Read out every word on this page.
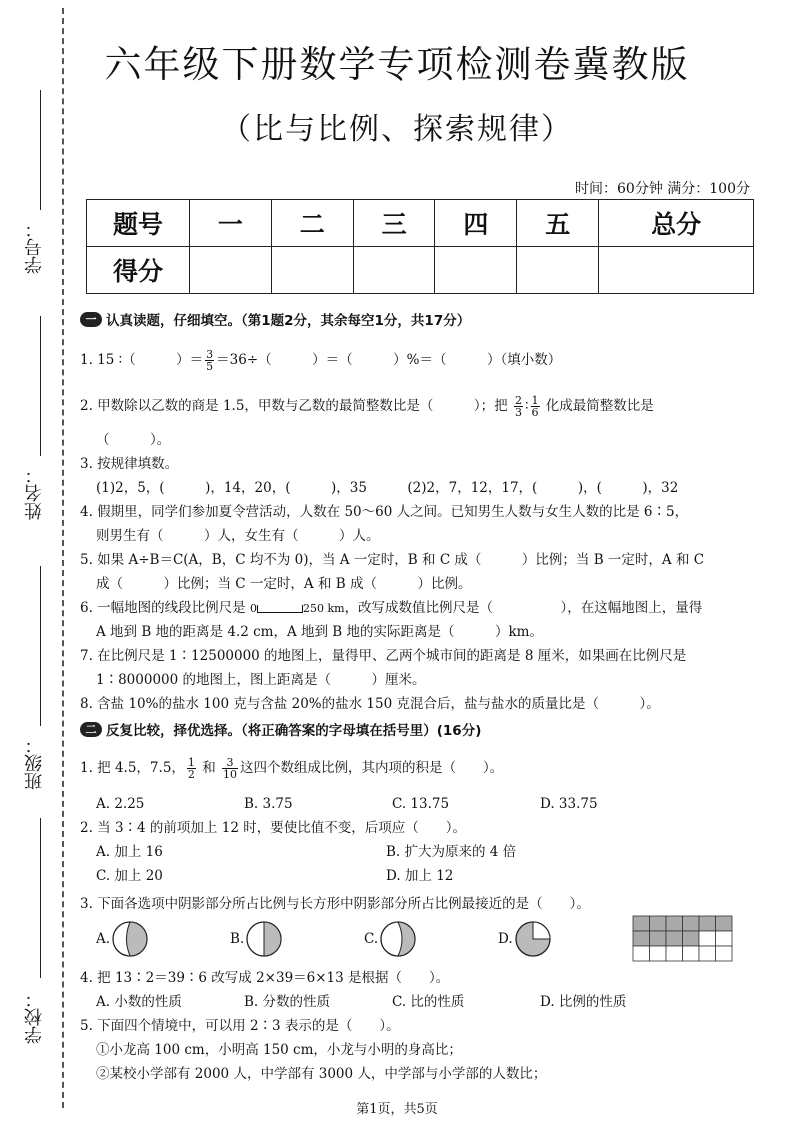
学号：
姓名：
班级：
学校：
六年级下册数学专项检测卷冀教版
（比与比例、探索规律）
时间：60分钟 满分：100分
题号	一	二	三	四	五	总分
得分						
一 认真读题，仔细填空。（第1题2分，其余每空1分，共17分）
1. 15 ∶（　　　）＝ $\frac{3}{5} =36\div$（　　　）＝（　　　）%＝（　　　）（填小数）
2. 甲数除以乙数的商是 1.5，甲数与乙数的最简整数比是（　　　）；把 $\frac{2}{3}$ ∶ $\frac{1}{6}$ 化成最简整数比是
（　　　）。
3. 按规律填数。
(1)2，5，(　　　)，14，20，(　　　)，35　　　(2)2，7，12，17，(　　　)，(　　　)，32
4. 假期里，同学们参加夏令营活动，人数在 50～60 人之间。已知男生人数与女生人数的比是 6∶5，
则男生有（　　　）人，女生有（　　　）人。
5. 如果 A÷B＝C(A，B，C 均不为 0)，当 A 一定时，B 和 C 成（　　　）比例；当 B 一定时，A 和 C
成（　　　）比例；当 C 一定时，A 和 B 成（　　　）比例。
6. 一幅地图的线段比例尺是 0	250 km，改写成数值比例尺是（　　　　　），在这幅地图上，量得
A 地到 B 地的距离是 4.2 cm，A 地到 B 地的实际距离是（　　　）km。
7. 在比例尺是 1∶12500000 的地图上，量得甲、乙两个城市间的距离是 8 厘米，如果画在比例尺是
1∶8000000 的地图上，图上距离是（　　　）厘米。
8. 含盐 10%的盐水 100 克与含盐 20%的盐水 150 克混合后，盐与盐水的质量比是（　　　）。
二 反复比较，择优选择。（将正确答案的字母填在括号里）(16分)
1. 把 4.5，7.5， $\frac{1}{2}$ 和 $\frac{3}{10}$ 这四个数组成比例，其内项的积是（　　）。
A. 2.25	B. 3.75	C. 13.75	D. 33.75
2. 当 3∶4 的前项加上 12 时，要使比值不变，后项应（　　）。
A. 加上 16	B. 扩大为原来的 4 倍
C. 加上 20	D. 加上 12
3. 下面各选项中阴影部分所占比例与长方形中阴影部分所占比例最接近的是（　　）。
A.	B.	C.	D.
4. 把 13∶2＝39∶6 改写成 2×39＝6×13 是根据（　　）。
A. 小数的性质	B. 分数的性质	C. 比的性质	D. 比例的性质
5. 下面四个情境中，可以用 2∶3 表示的是（　　）。
①小龙高 100 cm，小明高 150 cm，小龙与小明的身高比；
②某校小学部有 2000 人，中学部有 3000 人，中学部与小学部的人数比；
第1页，共5页
